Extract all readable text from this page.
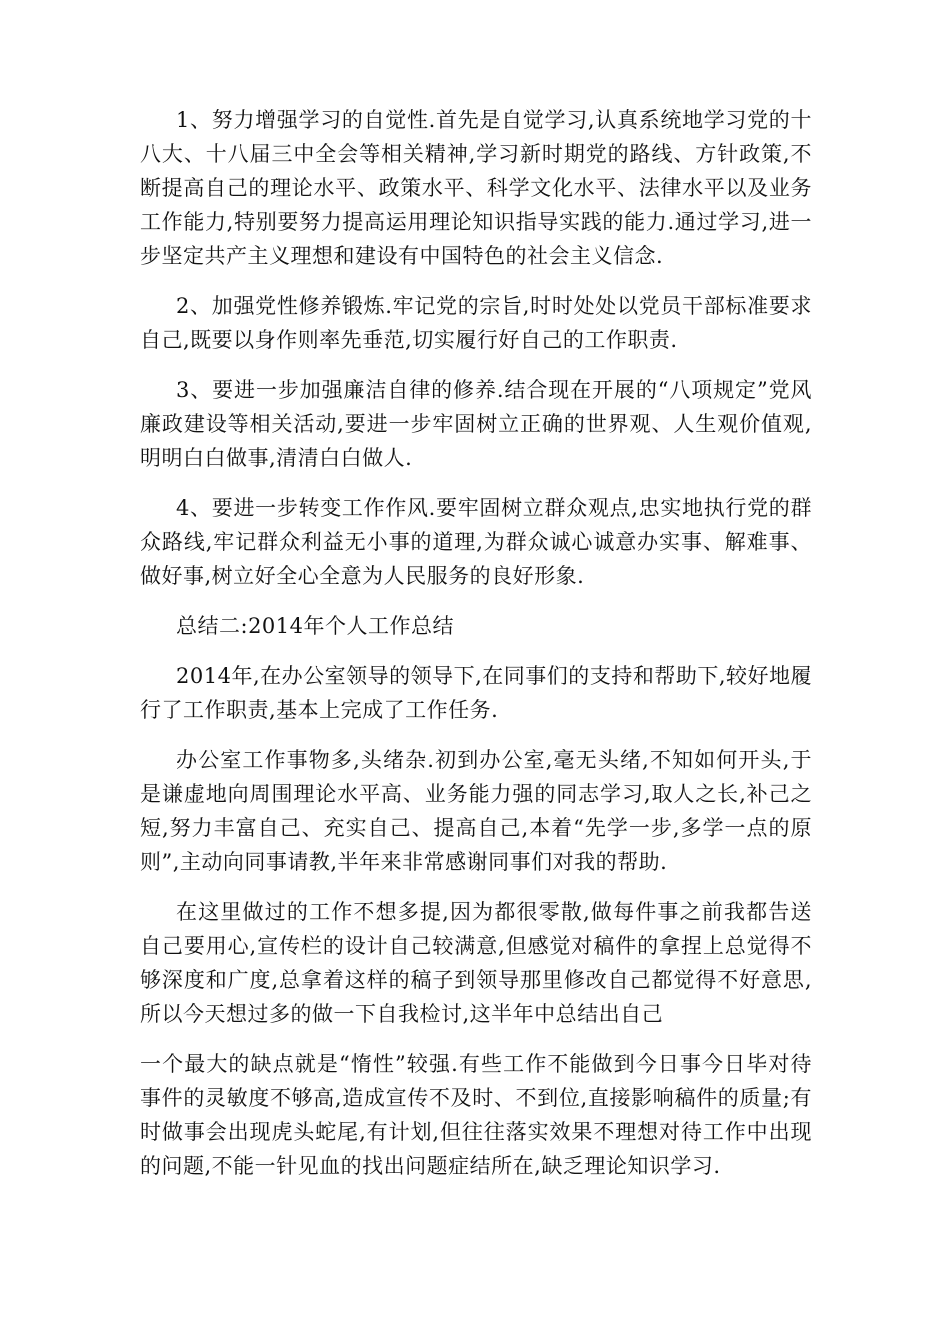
1、努力增强学习的自觉性.首先是自觉学习,认真系统地学习党的十八大、十八届三中全会等相关精神,学习新时期党的路线、方针政策,不断提高自己的理论水平、政策水平、科学文化水平、法律水平以及业务工作能力,特别要努力提高运用理论知识指导实践的能力.通过学习,进一步坚定共产主义理想和建设有中国特色的社会主义信念.

2、加强党性修养锻炼.牢记党的宗旨,时时处处以党员干部标准要求自己,既要以身作则率先垂范,切实履行好自己的工作职责.

3、要进一步加强廉洁自律的修养.结合现在开展的“八项规定”党风廉政建设等相关活动,要进一步牢固树立正确的世界观、人生观价值观,明明白白做事,清清白白做人.

4、要进一步转变工作作风.要牢固树立群众观点,忠实地执行党的群众路线,牢记群众利益无小事的道理,为群众诚心诚意办实事、解难事、做好事,树立好全心全意为人民服务的良好形象.

总结二:2014年个人工作总结

2014年,在办公室领导的领导下,在同事们的支持和帮助下,较好地履行了工作职责,基本上完成了工作任务.

办公室工作事物多,头绪杂.初到办公室,毫无头绪,不知如何开头,于是谦虚地向周围理论水平高、业务能力强的同志学习,取人之长,补己之短,努力丰富自己、充实自己、提高自己,本着“先学一步,多学一点的原则”,主动向同事请教,半年来非常感谢同事们对我的帮助.

在这里做过的工作不想多提,因为都很零散,做每件事之前我都告送自己要用心,宣传栏的设计自己较满意,但感觉对稿件的拿捏上总觉得不够深度和广度,总拿着这样的稿子到领导那里修改自己都觉得不好意思,所以今天想过多的做一下自我检讨,这半年中总结出自己

一个最大的缺点就是“惰性”较强.有些工作不能做到今日事今日毕对待事件的灵敏度不够高,造成宣传不及时、不到位,直接影响稿件的质量;有时做事会出现虎头蛇尾,有计划,但往往落实效果不理想对待工作中出现的问题,不能一针见血的找出问题症结所在,缺乏理论知识学习.
